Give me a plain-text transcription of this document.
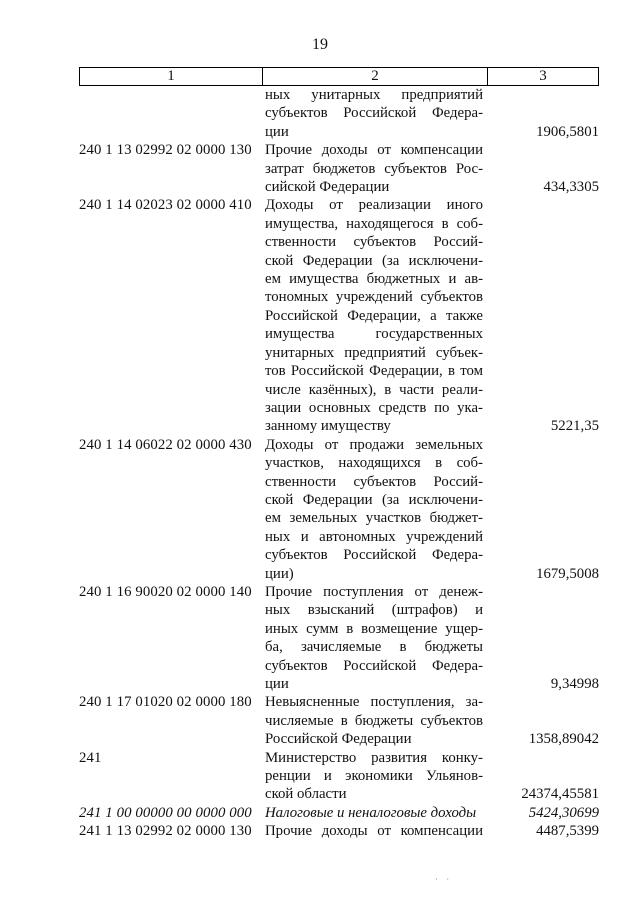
19
1	2	3
ных унитарных предприятий
субъектов Российской Федера-
ции	1906,5801
240 1 13 02992 02 0000 130 Прочие доходы от компенсации
затрат бюджетов субъектов Рос-
сийской Федерации	434,3305
240 1 14 02023 02 0000 410 Доходы от реализации иного
имущества, находящегося в соб-
ственности субъектов Россий-
ской Федерации (за исключени-
ем имущества бюджетных и ав-
тономных учреждений субъектов
Российской Федерации, а также
имущества государственных
унитарных предприятий субъек-
тов Российской Федерации, в том
числе казённых), в части реали-
зации основных средств по ука-
занному имуществу	5221,35
240 1 14 06022 02 0000 430 Доходы от продажи земельных
участков, находящихся в соб-
ственности субъектов Россий-
ской Федерации (за исключени-
ем земельных участков бюджет-
ных и автономных учреждений
субъектов Российской Федера-
ции)	1679,5008
240 1 16 90020 02 0000 140 Прочие поступления от денеж-
ных взысканий (штрафов) и
иных сумм в возмещение ущер-
ба, зачисляемые в бюджеты
субъектов Российской Федера-
ции	9,34998
240 1 17 01020 02 0000 180 Невыясненные поступления, за-
числяемые в бюджеты субъектов
Российской Федерации	1358,89042
241	Министерство развития конку-
ренции и экономики Ульянов-
ской области	24374,45581
241 1 00 00000 00 0000 000 Налоговые и неналоговые доходы	5424,30699
241 1 13 02992 02 0000 130 Прочие доходы от компенсации	4487,5399
· ·
